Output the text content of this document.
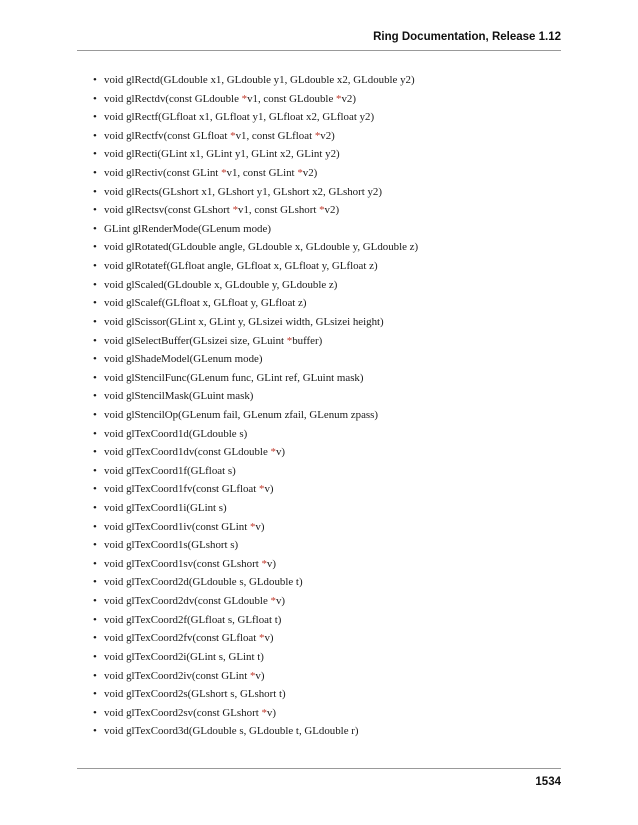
Ring Documentation, Release 1.12
• void glRectd(GLdouble x1, GLdouble y1, GLdouble x2, GLdouble y2)
• void glRectdv(const GLdouble *v1, const GLdouble *v2)
• void glRectf(GLfloat x1, GLfloat y1, GLfloat x2, GLfloat y2)
• void glRectfv(const GLfloat *v1, const GLfloat *v2)
• void glRecti(GLint x1, GLint y1, GLint x2, GLint y2)
• void glRectiv(const GLint *v1, const GLint *v2)
• void glRects(GLshort x1, GLshort y1, GLshort x2, GLshort y2)
• void glRectsv(const GLshort *v1, const GLshort *v2)
• GLint glRenderMode(GLenum mode)
• void glRotated(GLdouble angle, GLdouble x, GLdouble y, GLdouble z)
• void glRotatef(GLfloat angle, GLfloat x, GLfloat y, GLfloat z)
• void glScaled(GLdouble x, GLdouble y, GLdouble z)
• void glScalef(GLfloat x, GLfloat y, GLfloat z)
• void glScissor(GLint x, GLint y, GLsizei width, GLsizei height)
• void glSelectBuffer(GLsizei size, GLuint *buffer)
• void glShadeModel(GLenum mode)
• void glStencilFunc(GLenum func, GLint ref, GLuint mask)
• void glStencilMask(GLuint mask)
• void glStencilOp(GLenum fail, GLenum zfail, GLenum zpass)
• void glTexCoord1d(GLdouble s)
• void glTexCoord1dv(const GLdouble *v)
• void glTexCoord1f(GLfloat s)
• void glTexCoord1fv(const GLfloat *v)
• void glTexCoord1i(GLint s)
• void glTexCoord1iv(const GLint *v)
• void glTexCoord1s(GLshort s)
• void glTexCoord1sv(const GLshort *v)
• void glTexCoord2d(GLdouble s, GLdouble t)
• void glTexCoord2dv(const GLdouble *v)
• void glTexCoord2f(GLfloat s, GLfloat t)
• void glTexCoord2fv(const GLfloat *v)
• void glTexCoord2i(GLint s, GLint t)
• void glTexCoord2iv(const GLint *v)
• void glTexCoord2s(GLshort s, GLshort t)
• void glTexCoord2sv(const GLshort *v)
• void glTexCoord3d(GLdouble s, GLdouble t, GLdouble r)
1534
